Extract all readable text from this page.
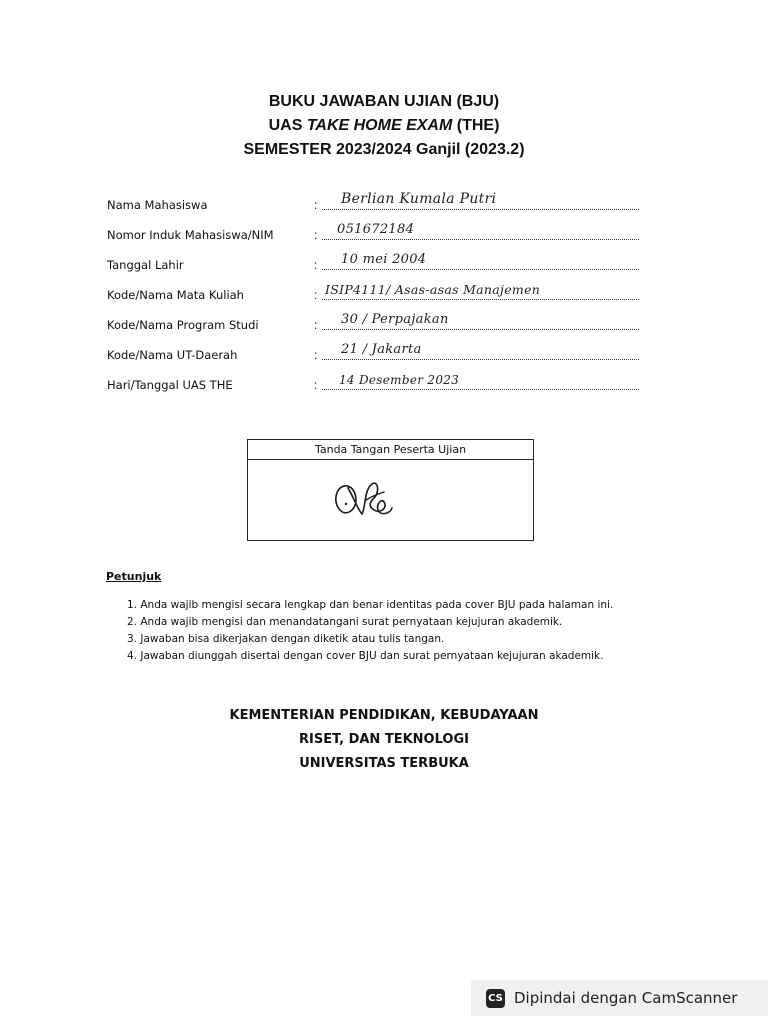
BUKU JAWABAN UJIAN (BJU)
UAS TAKE HOME EXAM (THE)
SEMESTER 2023/2024 Ganjil (2023.2)
Nama Mahasiswa	: Berlian Kumala Putri
Nomor Induk Mahasiswa/NIM	: 051672184
Tanggal Lahir	: 10 mei 2004
Kode/Nama Mata Kuliah	: ISIP4111/ Asas-asas Manajemen
Kode/Nama Program Studi	: 30 / Perpajakan
Kode/Nama UT-Daerah	: 21 / Jakarta
Hari/Tanggal UAS THE	: 14 Desember 2023
Tanda Tangan Peserta Ujian
Petunjuk
1. Anda wajib mengisi secara lengkap dan benar identitas pada cover BJU pada halaman ini.
2. Anda wajib mengisi dan menandatangani surat pernyataan kejujuran akademik.
3. Jawaban bisa dikerjakan dengan diketik atau tulis tangan.
4. Jawaban diunggah disertai dengan cover BJU dan surat pernyataan kejujuran akademik.
KEMENTERIAN PENDIDIKAN, KEBUDAYAAN
RISET, DAN TEKNOLOGI
UNIVERSITAS TERBUKA
CS Dipindai dengan CamScanner
